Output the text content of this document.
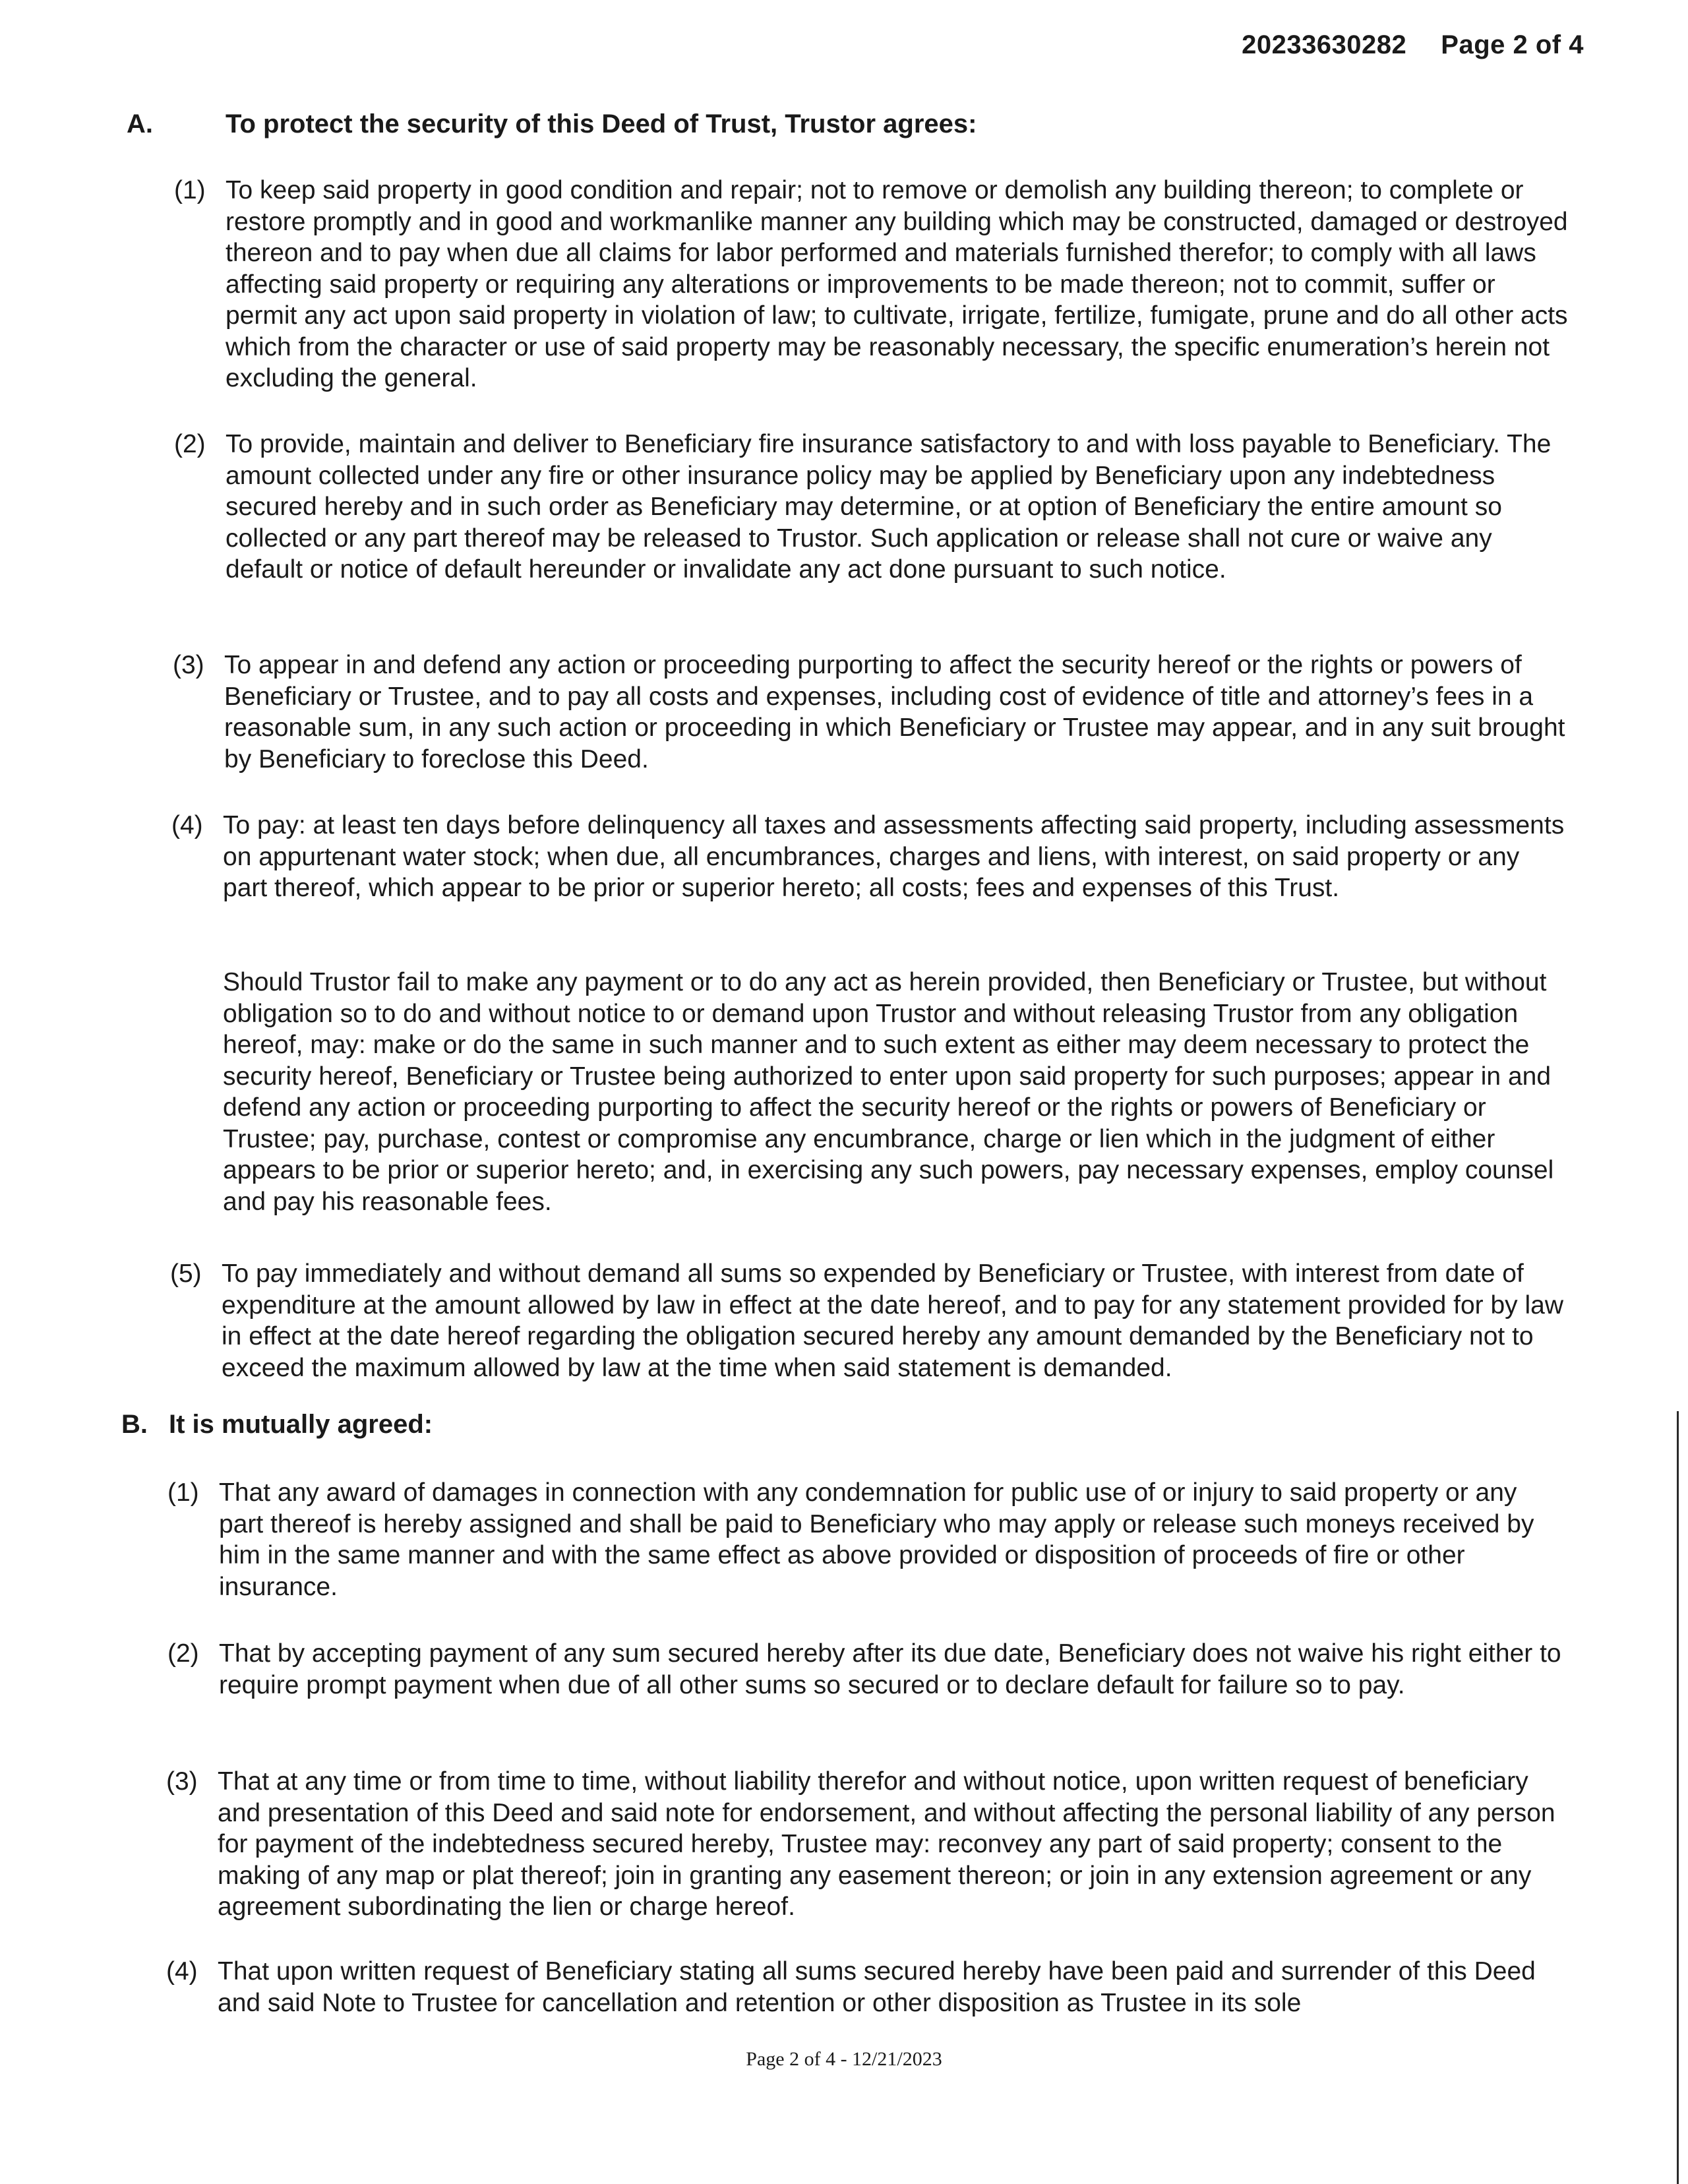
20233630282 Page 2 of 4
A.	To protect the security of this Deed of Trust, Trustor agrees:
(1) To keep said property in good condition and repair; not to remove or demolish any building thereon; to complete or restore promptly and in good and workmanlike manner any building which may be constructed, damaged or destroyed thereon and to pay when due all claims for labor performed and materials furnished therefor; to comply with all laws affecting said property or requiring any alterations or improvements to be made thereon; not to commit, suffer or permit any act upon said property in violation of law; to cultivate, irrigate, fertilize, fumigate, prune and do all other acts which from the character or use of said property may be reasonably necessary, the specific enumeration’s herein not excluding the general.
(2) To provide, maintain and deliver to Beneficiary fire insurance satisfactory to and with loss payable to Beneficiary. The amount collected under any fire or other insurance policy may be applied by Beneficiary upon any indebtedness secured hereby and in such order as Beneficiary may determine, or at option of Beneficiary the entire amount so collected or any part thereof may be released to Trustor. Such application or release shall not cure or waive any default or notice of default hereunder or invalidate any act done pursuant to such notice.
(3) To appear in and defend any action or proceeding purporting to affect the security hereof or the rights or powers of Beneficiary or Trustee, and to pay all costs and expenses, including cost of evidence of title and attorney’s fees in a reasonable sum, in any such action or proceeding in which Beneficiary or Trustee may appear, and in any suit brought by Beneficiary to foreclose this Deed.
(4) To pay: at least ten days before delinquency all taxes and assessments affecting said property, including assessments on appurtenant water stock; when due, all encumbrances, charges and liens, with interest, on said property or any part thereof, which appear to be prior or superior hereto; all costs; fees and expenses of this Trust.
Should Trustor fail to make any payment or to do any act as herein provided, then Beneficiary or Trustee, but without obligation so to do and without notice to or demand upon Trustor and without releasing Trustor from any obligation hereof, may: make or do the same in such manner and to such extent as either may deem necessary to protect the security hereof, Beneficiary or Trustee being authorized to enter upon said property for such purposes; appear in and defend any action or proceeding purporting to affect the security hereof or the rights or powers of Beneficiary or Trustee; pay, purchase, contest or compromise any encumbrance, charge or lien which in the judgment of either appears to be prior or superior hereto; and, in exercising any such powers, pay necessary expenses, employ counsel and pay his reasonable fees.
(5) To pay immediately and without demand all sums so expended by Beneficiary or Trustee, with interest from date of expenditure at the amount allowed by law in effect at the date hereof, and to pay for any statement provided for by law in effect at the date hereof regarding the obligation secured hereby any amount demanded by the Beneficiary not to exceed the maximum allowed by law at the time when said statement is demanded.
B. It is mutually agreed:
(1) That any award of damages in connection with any condemnation for public use of or injury to said property or any part thereof is hereby assigned and shall be paid to Beneficiary who may apply or release such moneys received by him in the same manner and with the same effect as above provided or disposition of proceeds of fire or other insurance.
(2) That by accepting payment of any sum secured hereby after its due date, Beneficiary does not waive his right either to require prompt payment when due of all other sums so secured or to declare default for failure so to pay.
(3) That at any time or from time to time, without liability therefor and without notice, upon written request of beneficiary and presentation of this Deed and said note for endorsement, and without affecting the personal liability of any person for payment of the indebtedness secured hereby, Trustee may: reconvey any part of said property; consent to the making of any map or plat thereof; join in granting any easement thereon; or join in any extension agreement or any agreement subordinating the lien or charge hereof.
(4) That upon written request of Beneficiary stating all sums secured hereby have been paid and surrender of this Deed and said Note to Trustee for cancellation and retention or other disposition as Trustee in its sole
Page 2 of 4 - 12/21/2023
